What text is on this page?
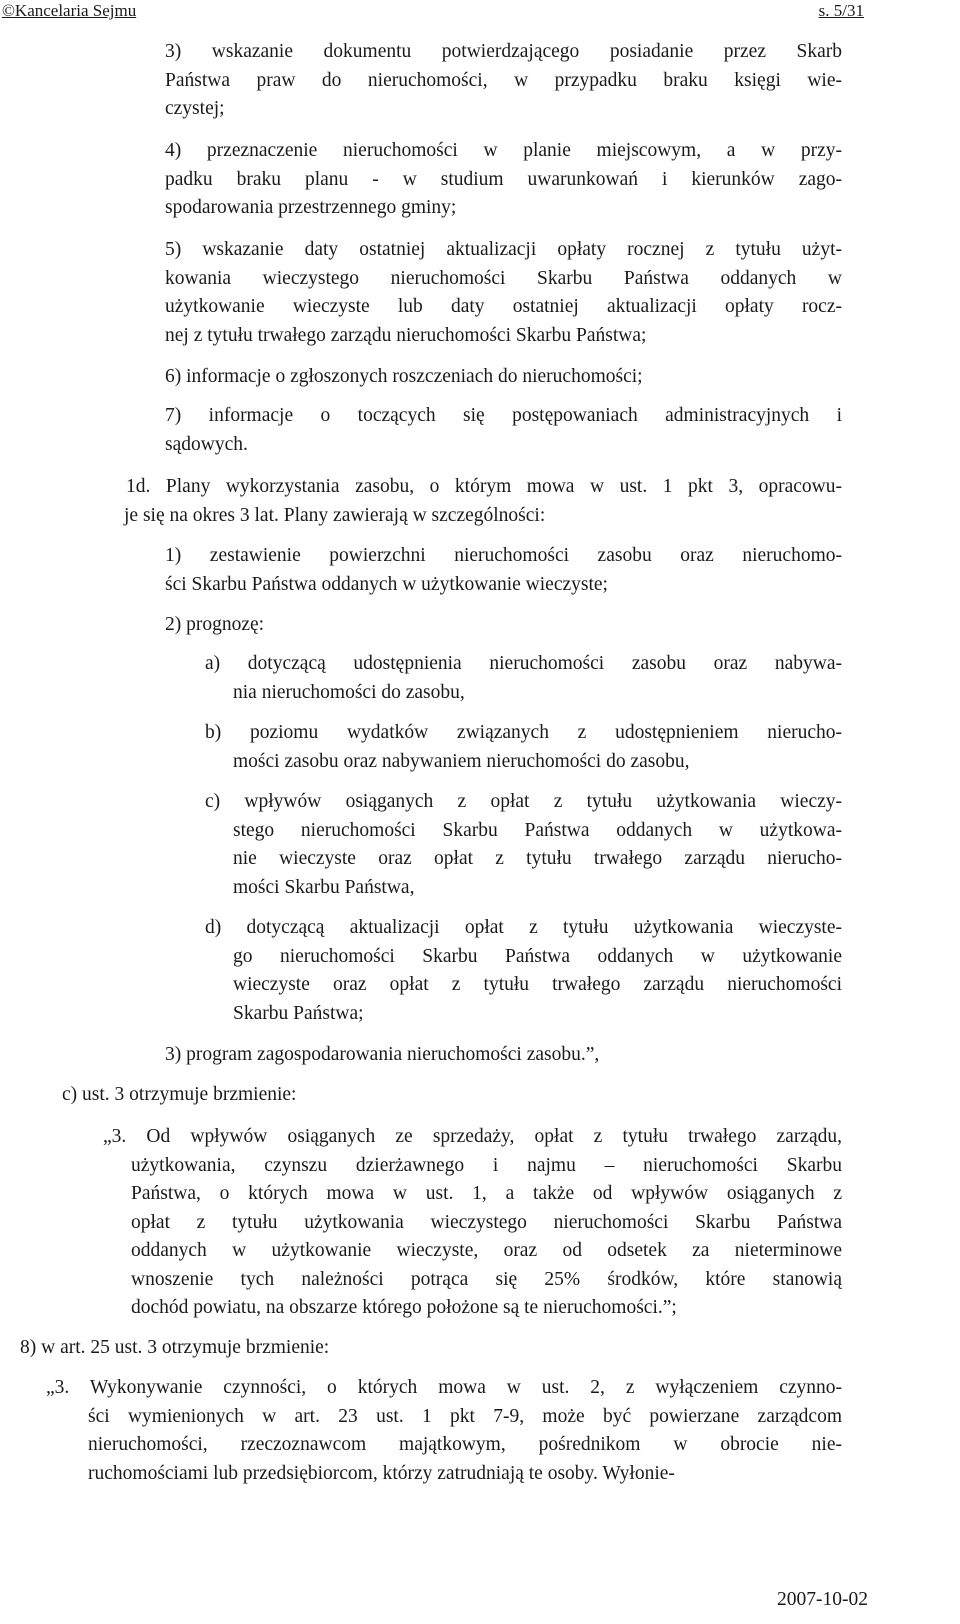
©Kancelaria Sejmu	s. 5/31
3) wskazanie dokumentu potwierdzającego posiadanie przez Skarb
Państwa praw do nieruchomości, w przypadku braku księgi wie-
czystej;
4) przeznaczenie nieruchomości w planie miejscowym, a w przy-
padku braku planu - w studium uwarunkowań i kierunków zago-
spodarowania przestrzennego gminy;
5) wskazanie daty ostatniej aktualizacji opłaty rocznej z tytułu użyt-
kowania wieczystego nieruchomości Skarbu Państwa oddanych w
użytkowanie wieczyste lub daty ostatniej aktualizacji opłaty rocz-
nej z tytułu trwałego zarządu nieruchomości Skarbu Państwa;
6) informacje o zgłoszonych roszczeniach do nieruchomości;
7) informacje o toczących się postępowaniach administracyjnych i
sądowych.
1d. Plany wykorzystania zasobu, o którym mowa w ust. 1 pkt 3, opracowu-
je się na okres 3 lat. Plany zawierają w szczególności:
1) zestawienie powierzchni nieruchomości zasobu oraz nieruchomo-
ści Skarbu Państwa oddanych w użytkowanie wieczyste;
2) prognozę:
a) dotyczącą udostępnienia nieruchomości zasobu oraz nabywa-
nia nieruchomości do zasobu,
b) poziomu wydatków związanych z udostępnieniem nierucho-
mości zasobu oraz nabywaniem nieruchomości do zasobu,
c) wpływów osiąganych z opłat z tytułu użytkowania wieczy-
stego nieruchomości Skarbu Państwa oddanych w użytkowa-
nie wieczyste oraz opłat z tytułu trwałego zarządu nierucho-
mości Skarbu Państwa,
d) dotyczącą aktualizacji opłat z tytułu użytkowania wieczyste-
go nieruchomości Skarbu Państwa oddanych w użytkowanie
wieczyste oraz opłat z tytułu trwałego zarządu nieruchomości
Skarbu Państwa;
3) program zagospodarowania nieruchomości zasobu.”,
c) ust. 3 otrzymuje brzmienie:
„3. Od wpływów osiąganych ze sprzedaży, opłat z tytułu trwałego zarządu,
użytkowania, czynszu dzierżawnego i najmu – nieruchomości Skarbu
Państwa, o których mowa w ust. 1, a także od wpływów osiąganych z
opłat z tytułu użytkowania wieczystego nieruchomości Skarbu Państwa
oddanych w użytkowanie wieczyste, oraz od odsetek za nieterminowe
wnoszenie tych należności potrąca się 25% środków, które stanowią
dochód powiatu, na obszarze którego położone są te nieruchomości.”;
8) w art. 25 ust. 3 otrzymuje brzmienie:
„3. Wykonywanie czynności, o których mowa w ust. 2, z wyłączeniem czynno-
ści wymienionych w art. 23 ust. 1 pkt 7-9, może być powierzane zarządcom
nieruchomości, rzeczoznawcom majątkowym, pośrednikom w obrocie nie-
ruchomościami lub przedsiębiorcom, którzy zatrudniają te osoby. Wyłonie-
2007-10-02
